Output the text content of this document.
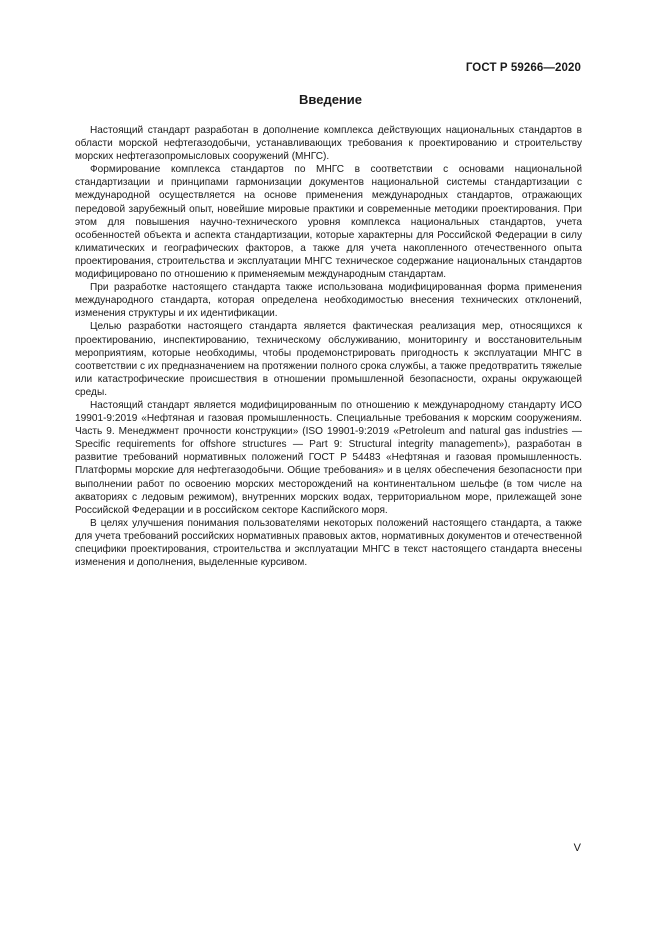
ГОСТ Р 59266—2020
Введение

Настоящий стандарт разработан в дополнение комплекса действующих национальных стандартов в области морской нефтегазодобычи, устанавливающих требования к проектированию и строительству морских нефтегазопромысловых сооружений (МНГС).

Формирование комплекса стандартов по МНГС в соответствии с основами национальной стандартизации и принципами гармонизации документов национальной системы стандартизации с международной осуществляется на основе применения международных стандартов, отражающих передовой зарубежный опыт, новейшие мировые практики и современные методики проектирования. При этом для повышения научно-технического уровня комплекса национальных стандартов, учета особенностей объекта и аспекта стандартизации, которые характерны для Российской Федерации в силу климатических и географических факторов, а также для учета накопленного отечественного опыта проектирования, строительства и эксплуатации МНГС техническое содержание национальных стандартов модифицировано по отношению к применяемым международным стандартам.

При разработке настоящего стандарта также использована модифицированная форма применения международного стандарта, которая определена необходимостью внесения технических отклонений, изменения структуры и их идентификации.

Целью разработки настоящего стандарта является фактическая реализация мер, относящихся к проектированию, инспектированию, техническому обслуживанию, мониторингу и восстановительным мероприятиям, которые необходимы, чтобы продемонстрировать пригодность к эксплуатации МНГС в соответствии с их предназначением на протяжении полного срока службы, а также предотвратить тяжелые или катастрофические происшествия в отношении промышленной безопасности, охраны окружающей среды.

Настоящий стандарт является модифицированным по отношению к международному стандарту ИСО 19901-9:2019 «Нефтяная и газовая промышленность. Специальные требования к морским сооружениям. Часть 9. Менеджмент прочности конструкции» (ISO 19901-9:2019 «Petroleum and natural gas industries — Specific requirements for offshore structures — Part 9: Structural integrity management»), разработан в развитие требований нормативных положений ГОСТ Р 54483 «Нефтяная и газовая промышленность. Платформы морские для нефтегазодобычи. Общие требования» и в целях обеспечения безопасности при выполнении работ по освоению морских месторождений на континентальном шельфе (в том числе на акваториях с ледовым режимом), внутренних морских водах, территориальном море, прилежащей зоне Российской Федерации и в российском секторе Каспийского моря.

В целях улучшения понимания пользователями некоторых положений настоящего стандарта, а также для учета требований российских нормативных правовых актов, нормативных документов и отечественной специфики проектирования, строительства и эксплуатации МНГС в текст настоящего стандарта внесены изменения и дополнения, выделенные курсивом.

V
